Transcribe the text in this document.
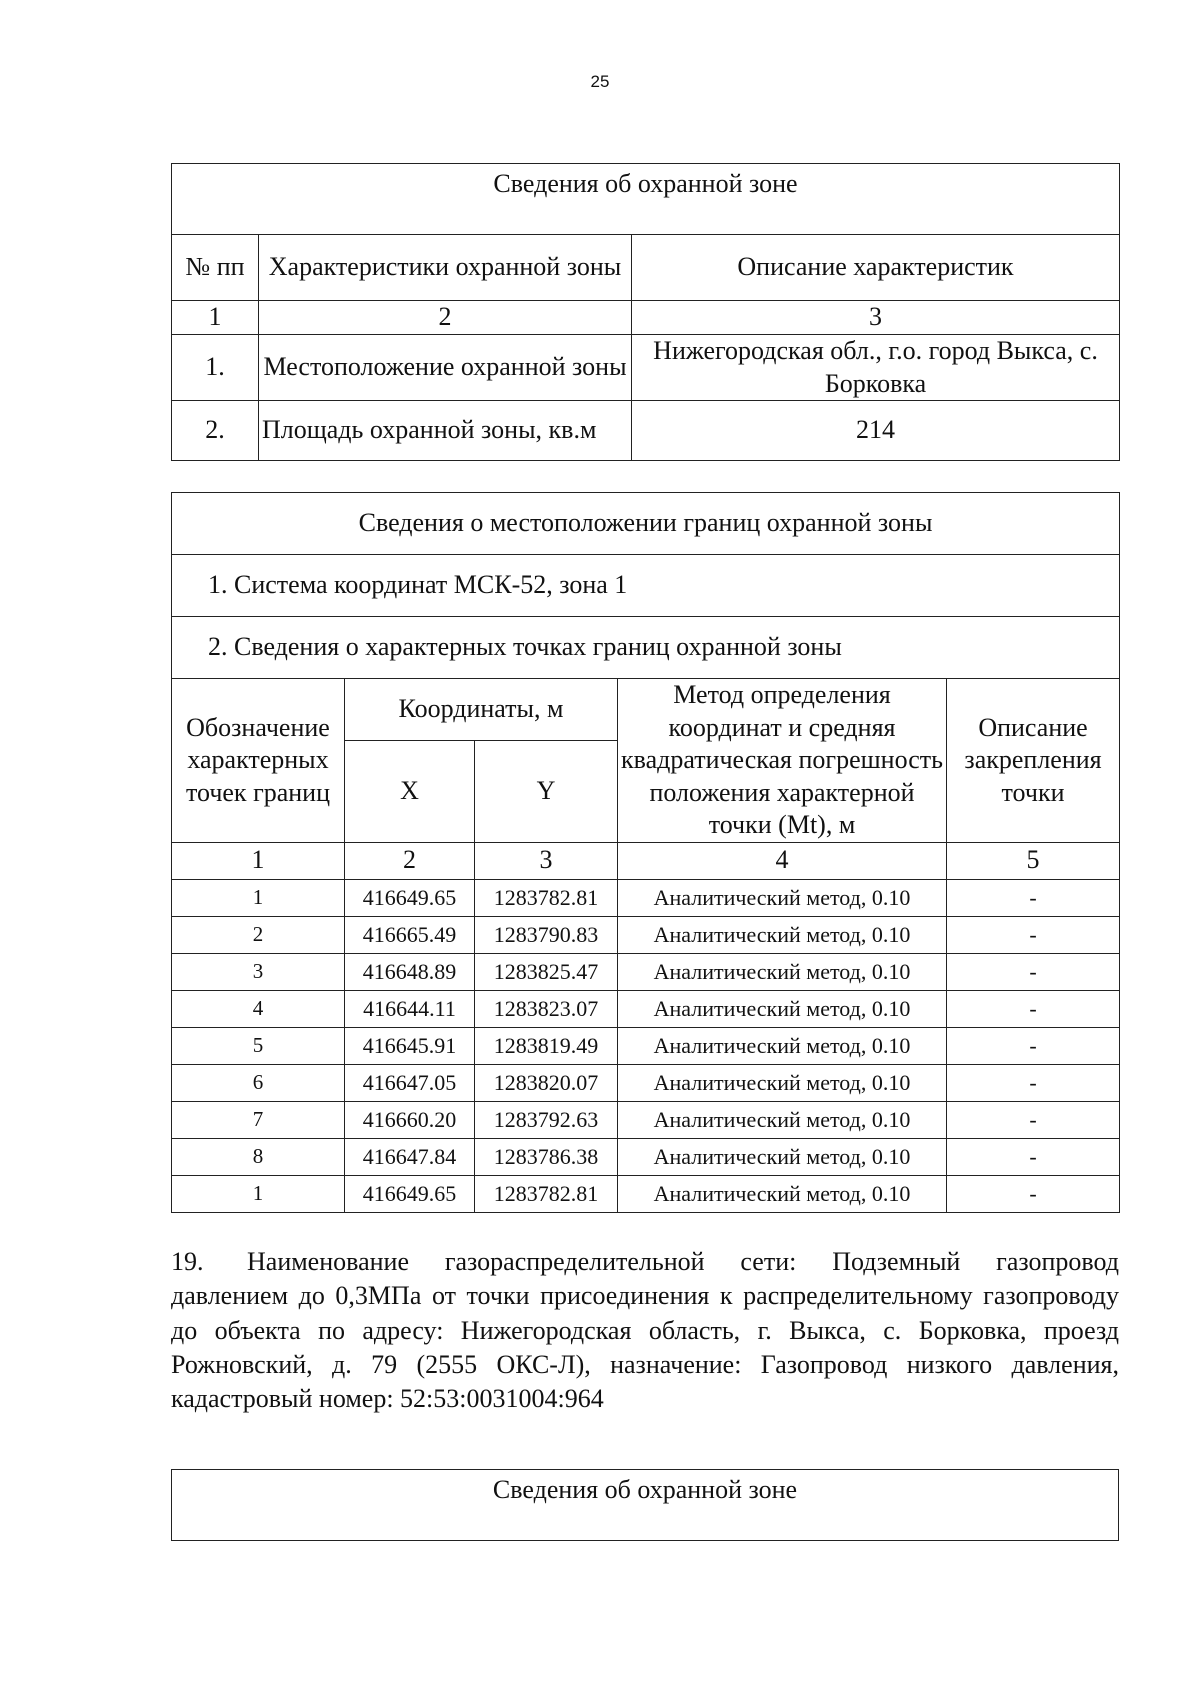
25
Сведения об охранной зоне		
№ пп	Характеристики охранной зоны	Описание характеристик
1	2	3
1.	Местоположение охранной зоны	Нижегородская обл., г.о. город Выкса, с. Борковка
2.	Площадь охранной зоны, кв.м	214
Сведения о местоположении границ охранной зоны				
1. Система координат МСК-52, зона 1				
2. Сведения о характерных точках границ охранной зоны				
Обозначение характерных точек границ	Координаты, м		Метод определения координат и средняя квадратическая погрешность положения характерной точки (Mt), м	Описание закрепления точки
	X	Y		
1	2	3	4	5
1	416649.65	1283782.81	Аналитический метод, 0.10	-
2	416665.49	1283790.83	Аналитический метод, 0.10	-
3	416648.89	1283825.47	Аналитический метод, 0.10	-
4	416644.11	1283823.07	Аналитический метод, 0.10	-
5	416645.91	1283819.49	Аналитический метод, 0.10	-
6	416647.05	1283820.07	Аналитический метод, 0.10	-
7	416660.20	1283792.63	Аналитический метод, 0.10	-
8	416647.84	1283786.38	Аналитический метод, 0.10	-
1	416649.65	1283782.81	Аналитический метод, 0.10	-
19. Наименование газораспределительной сети: Подземный газопровод давлением до 0,3МПа от точки присоединения к распределительному газопроводу до объекта по адресу: Нижегородская область, г. Выкса, с. Борковка, проезд Рожновский, д. 79 (2555 ОКС-Л), назначение: Газопровод низкого давления, кадастровый номер: 52:53:0031004:964
Сведения об охранной зоне
